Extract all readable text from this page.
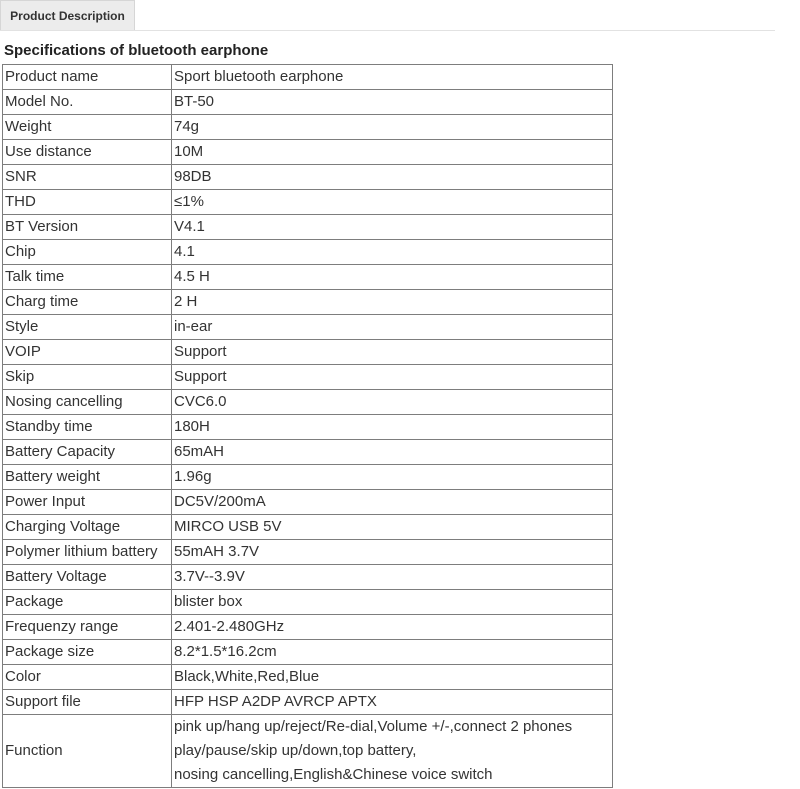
Product Description
Specifications of bluetooth earphone
Product name	Sport bluetooth earphone
Model No.	BT-50
Weight	74g
Use distance	10M
SNR	98DB
THD	≤1%
BT Version	V4.1
Chip	4.1
Talk time	4.5 H
Charg time	2 H
Style	in-ear
VOIP	Support
Skip	Support
Nosing cancelling	CVC6.0
Standby time	180H
Battery Capacity	65mAH
Battery weight	1.96g
Power Input	DC5V/200mA
Charging Voltage	MIRCO USB 5V
Polymer lithium battery	55mAH 3.7V
Battery Voltage	3.7V--3.9V
Package	blister box
Frequenzy range	2.401-2.480GHz
Package size	8.2*1.5*16.2cm
Color	Black,White,Red,Blue
Support file	HFP HSP A2DP AVRCP APTX
Function	pink up/hang up/reject/Re-dial,Volume +/-,connect 2 phones
play/pause/skip up/down,top battery,
nosing cancelling,English&Chinese voice switch
